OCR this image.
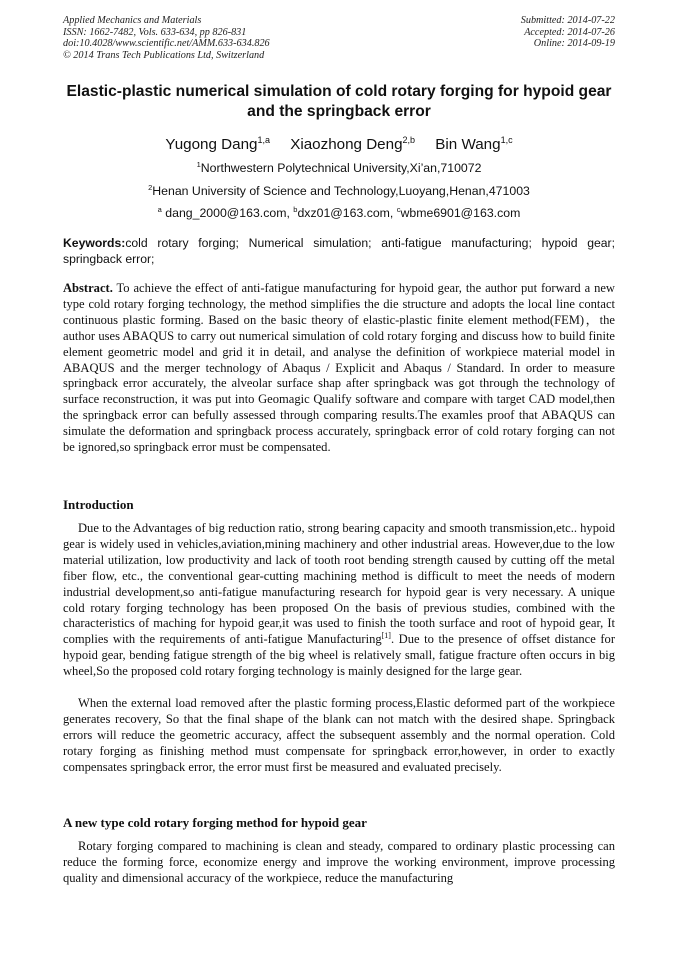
Applied Mechanics and Materials
ISSN: 1662-7482, Vols. 633-634, pp 826-831
doi:10.4028/www.scientific.net/AMM.633-634.826
© 2014 Trans Tech Publications Ltd, Switzerland
Submitted: 2014-07-22
Accepted: 2014-07-26
Online: 2014-09-19
Elastic-plastic numerical simulation of cold rotary forging for hypoid gear and the springback error
Yugong Dang$^{1,a}$ Xiaozhong Deng$^{2,b}$ Bin Wang$^{1,c}$
$^1$Northwestern Polytechnical University,Xi’an,710072
$^2$Henan University of Science and Technology,Luoyang,Henan,471003
$^a$ dang_2000@163.com, $^b$dxz01@163.com, $^c$wbme6901@163.com
Keywords:cold rotary forging; Numerical simulation; anti-fatigue manufacturing; hypoid gear; springback error;

Abstract. To achieve the effect of anti-fatigue manufacturing for hypoid gear, the author put forward a new type cold rotary forging technology, the method simplifies the die structure and adopts the local line contact continuous plastic forming. Based on the basic theory of elastic-plastic finite element method(FEM)，the author uses ABAQUS to carry out numerical simulation of cold rotary forging and discuss how to build finite element geometric model and grid it in detail, and analyse the definition of workpiece material model in ABAQUS and the merger technology of Abaqus / Explicit and Abaqus / Standard. In order to measure springback error accurately, the alveolar surface shap after springback was got through the technology of surface reconstruction, it was put into Geomagic Qualify software and compare with target CAD model,then the springback error can befully assessed through comparing results.The examles proof that ABAQUS can simulate the deformation and springback process accurately, springback error of cold rotary forging can not be ignored,so springback error must be compensated.

Introduction

Due to the Advantages of big reduction ratio, strong bearing capacity and smooth transmission,etc.. hypoid gear is widely used in vehicles,aviation,mining machinery and other industrial areas. However,due to the low material utilization, low productivity and lack of tooth root bending strength caused by cutting off the metal fiber flow, etc., the conventional gear-cutting machining method is difficult to meet the needs of modern industrial development,so anti-fatigue manufacturing research for hypoid gear is very necessary. A unique cold rotary forging technology has been proposed On the basis of previous studies, combined with the characteristics of maching for hypoid gear,it was used to finish the tooth surface and root of hypoid gear, It complies with the requirements of anti-fatigue Manufacturing[1]. Due to the presence of offset distance for hypoid gear, bending fatigue strength of the big wheel is relatively small, fatigue fracture often occurs in big wheel,So the proposed cold rotary forging technology is mainly designed for the large gear.

When the external load removed after the plastic forming process,Elastic deformed part of the workpiece generates recovery, So that the final shape of the blank can not match with the desired shape. Springback errors will reduce the geometric accuracy, affect the subsequent assembly and the normal operation. Cold rotary forging as finishing method must compensate for springback error,however, in order to exactly compensates springback error, the error must first be measured and evaluated precisely.

A new type cold rotary forging method for hypoid gear

Rotary forging compared to machining is clean and steady, compared to ordinary plastic processing can reduce the forming force, economize energy and improve the working environment, improve processing quality and dimensional accuracy of the workpiece, reduce the manufacturing
